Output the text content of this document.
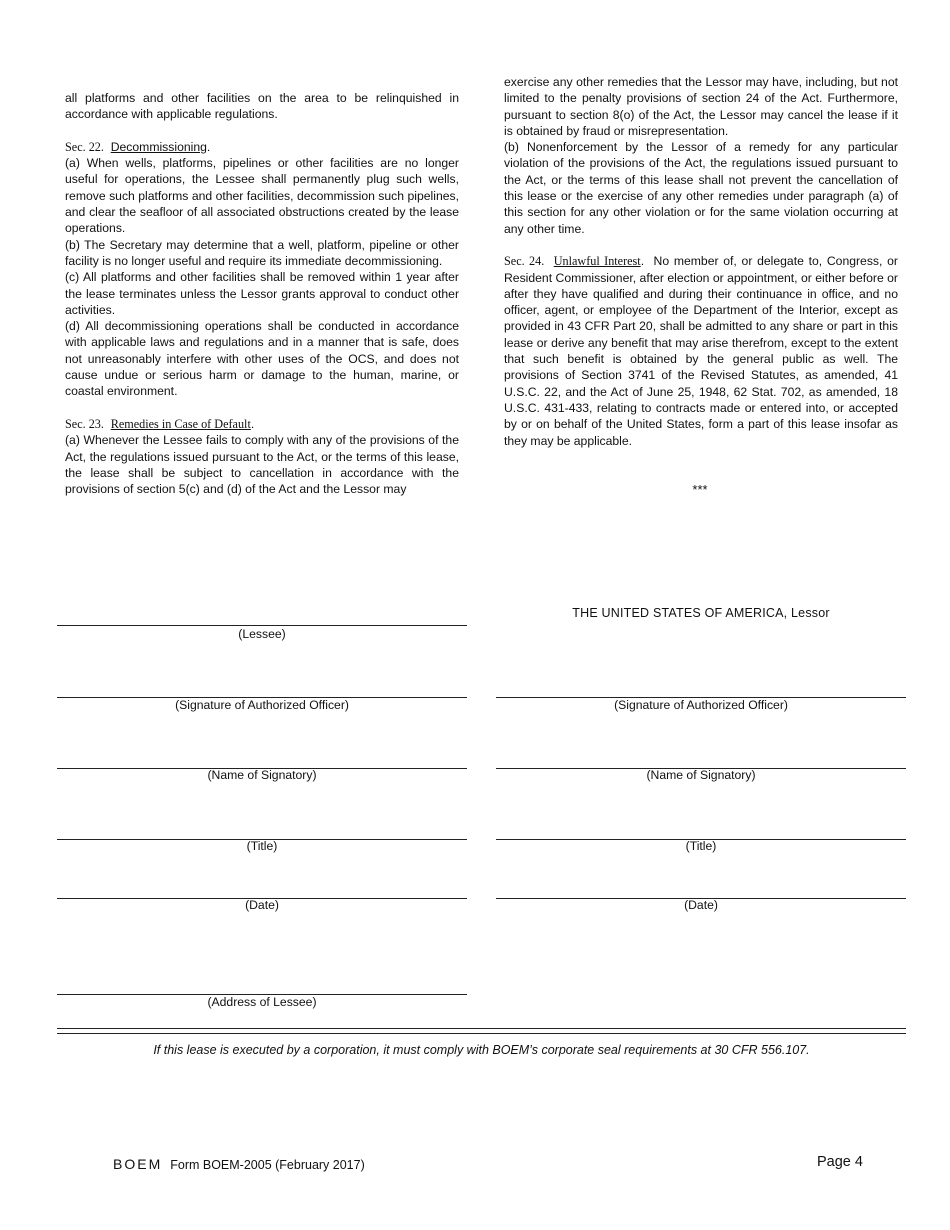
all platforms and other facilities on the area to be relinquished in accordance with applicable regulations.

Sec. 22. Decommissioning.

(a) When wells, platforms, pipelines or other facilities are no longer useful for operations, the Lessee shall permanently plug such wells, remove such platforms and other facilities, decommission such pipelines, and clear the seafloor of all associated obstructions created by the lease operations.

(b) The Secretary may determine that a well, platform, pipeline or other facility is no longer useful and require its immediate decommissioning.

(c) All platforms and other facilities shall be removed within 1 year after the lease terminates unless the Lessor grants approval to conduct other activities.

(d) All decommissioning operations shall be conducted in accordance with applicable laws and regulations and in a manner that is safe, does not unreasonably interfere with other uses of the OCS, and does not cause undue or serious harm or damage to the human, marine, or coastal environment.

Sec. 23. Remedies in Case of Default.

(a) Whenever the Lessee fails to comply with any of the provisions of the Act, the regulations issued pursuant to the Act, or the terms of this lease, the lease shall be subject to cancellation in accordance with the provisions of section 5(c) and (d) of the Act and the Lessor may

exercise any other remedies that the Lessor may have, including, but not limited to the penalty provisions of section 24 of the Act. Furthermore, pursuant to section 8(o) of the Act, the Lessor may cancel the lease if it is obtained by fraud or misrepresentation.

(b) Nonenforcement by the Lessor of a remedy for any particular violation of the provisions of the Act, the regulations issued pursuant to the Act, or the terms of this lease shall not prevent the cancellation of this lease or the exercise of any other remedies under paragraph (a) of this section for any other violation or for the same violation occurring at any other time.

Sec. 24. Unlawful Interest.  No member of, or delegate to, Congress, or Resident Commissioner, after election or appointment, or either before or after they have qualified and during their continuance in office, and no officer, agent, or employee of the Department of the Interior, except as provided in 43 CFR Part 20, shall be admitted to any share or part in this lease or derive any benefit that may arise therefrom, except to the extent that such benefit is obtained by the general public as well. The provisions of Section 3741 of the Revised Statutes, as amended, 41 U.S.C. 22, and the Act of June 25, 1948, 62 Stat. 702, as amended, 18 U.S.C. 431-433, relating to contracts made or entered into, or accepted by or on behalf of the United States, form a part of this lease insofar as they may be applicable.

***
THE UNITED STATES OF AMERICA, Lessor
(Lessee)
(Signature of Authorized Officer)
(Name of Signatory)
(Title)
(Date)
(Address of Lessee)
(Signature of Authorized Officer)
(Name of Signatory)
(Title)
(Date)
If this lease is executed by a corporation, it must comply with BOEM’s corporate seal requirements at 30 CFR 556.107.
BOEM Form BOEM-2005 (February 2017)	Page 4
